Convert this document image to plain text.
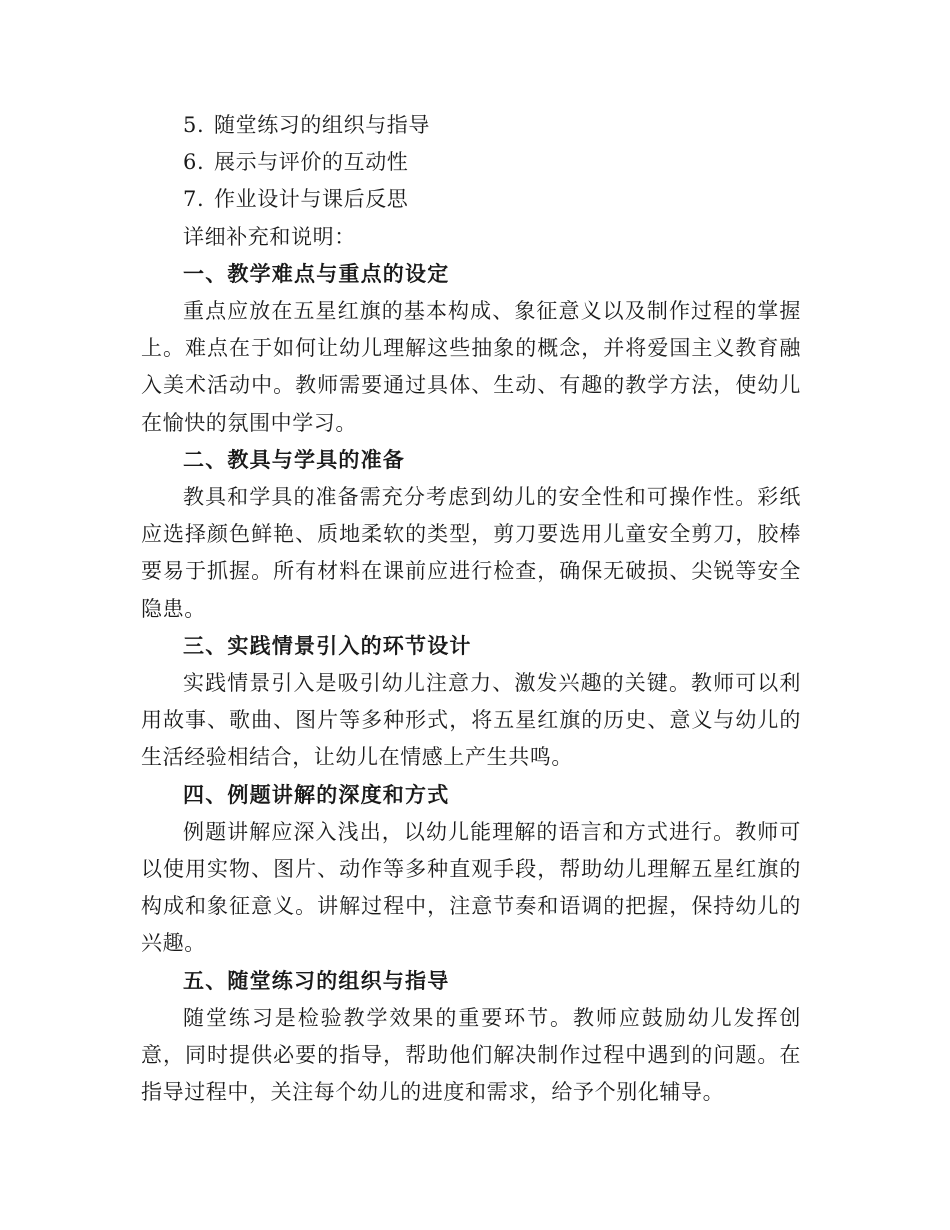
5. 随堂练习的组织与指导
6. 展示与评价的互动性
7. 作业设计与课后反思
详细补充和说明：
一、教学难点与重点的设定

重点应放在五星红旗的基本构成、象征意义以及制作过程的掌握上。难点在于如何让幼儿理解这些抽象的概念，并将爱国主义教育融入美术活动中。教师需要通过具体、生动、有趣的教学方法，使幼儿在愉快的氛围中学习。

二、教具与学具的准备

教具和学具的准备需充分考虑到幼儿的安全性和可操作性。彩纸应选择颜色鲜艳、质地柔软的类型，剪刀要选用儿童安全剪刀，胶棒要易于抓握。所有材料在课前应进行检查，确保无破损、尖锐等安全隐患。

三、实践情景引入的环节设计

实践情景引入是吸引幼儿注意力、激发兴趣的关键。教师可以利用故事、歌曲、图片等多种形式，将五星红旗的历史、意义与幼儿的生活经验相结合，让幼儿在情感上产生共鸣。

四、例题讲解的深度和方式

例题讲解应深入浅出，以幼儿能理解的语言和方式进行。教师可以使用实物、图片、动作等多种直观手段，帮助幼儿理解五星红旗的构成和象征意义。讲解过程中，注意节奏和语调的把握，保持幼儿的兴趣。

五、随堂练习的组织与指导

随堂练习是检验教学效果的重要环节。教师应鼓励幼儿发挥创意，同时提供必要的指导，帮助他们解决制作过程中遇到的问题。在指导过程中，关注每个幼儿的进度和需求，给予个别化辅导。
